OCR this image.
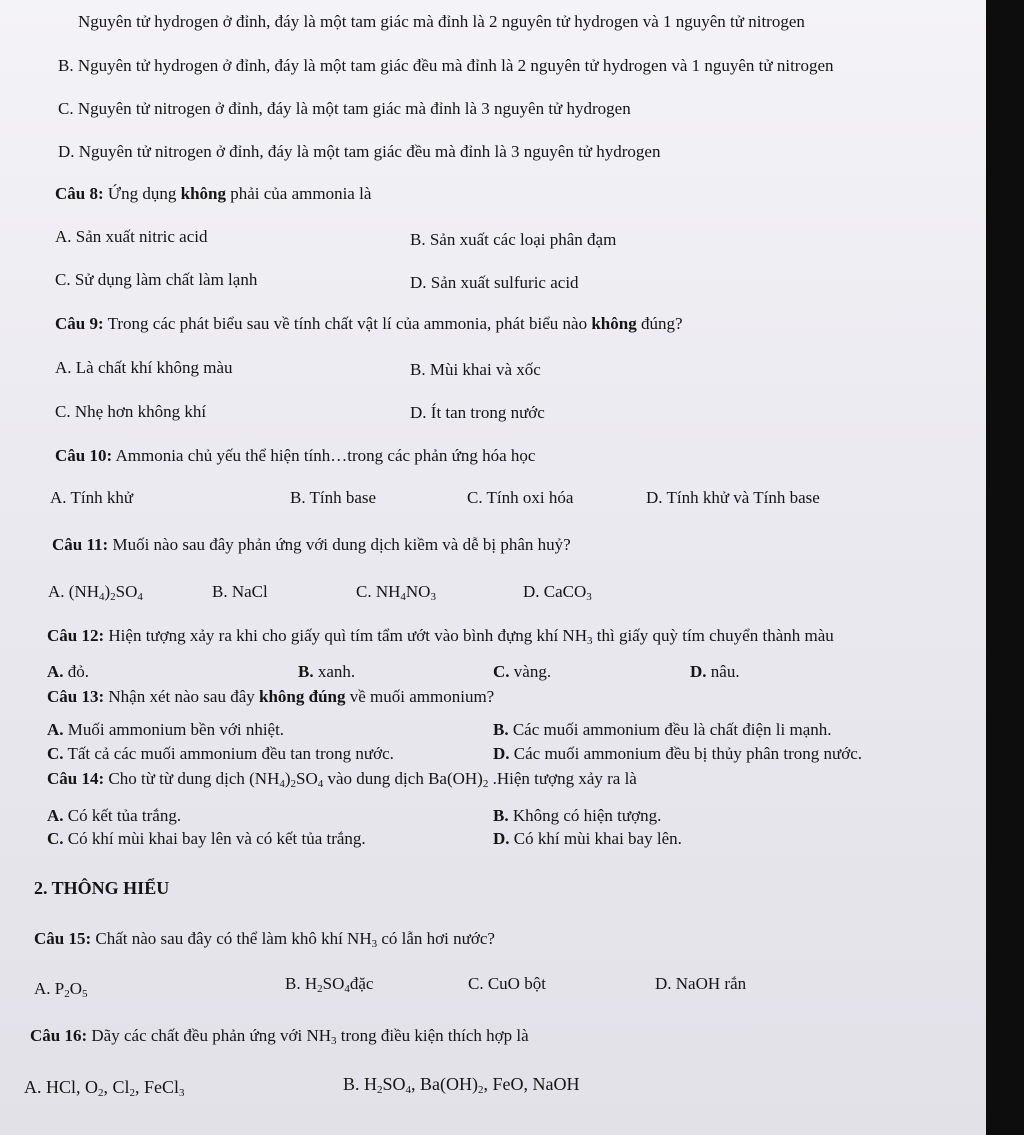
Nguyên tử hydrogen ở đỉnh, đáy là một tam giác mà đỉnh là 2 nguyên tử hydrogen và 1 nguyên tử nitrogen
B. Nguyên tử hydrogen ở đỉnh, đáy là một tam giác đều mà đỉnh là 2 nguyên tử hydrogen và 1 nguyên tử nitrogen
C. Nguyên tử nitrogen ở đỉnh, đáy là một tam giác mà đỉnh là 3 nguyên tử hydrogen
D. Nguyên tử nitrogen ở đỉnh, đáy là một tam giác đều mà đỉnh là 3 nguyên tử hydrogen
Câu 8: Ứng dụng không phải của ammonia là
A. Sản xuất nitric acid	B. Sản xuất các loại phân đạm
C. Sử dụng làm chất làm lạnh	D. Sản xuất sulfuric acid
Câu 9: Trong các phát biểu sau về tính chất vật lí của ammonia, phát biểu nào không đúng?
A. Là chất khí không màu	B. Mùi khai và xốc
C. Nhẹ hơn không khí	D. Ít tan trong nước
Câu 10: Ammonia chủ yếu thể hiện tính…trong các phản ứng hóa học
A. Tính khử	B. Tính base	C. Tính oxi hóa	D. Tính khử và Tính base
Câu 11: Muối nào sau đây phản ứng với dung dịch kiềm và dễ bị phân huỷ?
A. $(NH_4)_2SO_4$	B. NaCl	C. $NH_4NO_3$	D. CaCO$_3$
Câu 12: Hiện tượng xảy ra khi cho giấy quì tím tẩm ướt vào bình đựng khí $NH_3$ thì giấy quỳ tím chuyển thành màu
A. đỏ.	B. xanh.	C. vàng.	D. nâu.
Câu 13: Nhận xét nào sau đây không đúng về muối ammonium?
A. Muối ammonium bền với nhiệt.	B. Các muối ammonium đều là chất điện li mạnh.
C. Tất cả các muối ammonium đều tan trong nước.	D. Các muối ammonium đều bị thủy phân trong nước.
Câu 14: Cho từ từ dung dịch $(NH_4)_2SO_4$ vào dung dịch $Ba(OH)_2$ .Hiện tượng xảy ra là
A. Có kết tủa trắng.	B. Không có hiện tượng.
C. Có khí mùi khai bay lên và có kết tủa trắng.	D. Có khí mùi khai bay lên.
2. THÔNG HIỂU
Câu 15: Chất nào sau đây có thể làm khô khí $NH_3$ có lẫn hơi nước?
A. $P_2O_5$
B. $H_2SO_4đặc$	C. CuO bột	D. NaOH rắn
Câu 16: Dãy các chất đều phản ứng với $NH_3$ trong điều kiện thích hợp là
A. HCl, $O_2$, $Cl_2$, FeCl$_3$	B. $H_2SO_4$, $Ba(OH)_2$, FeO, NaOH
